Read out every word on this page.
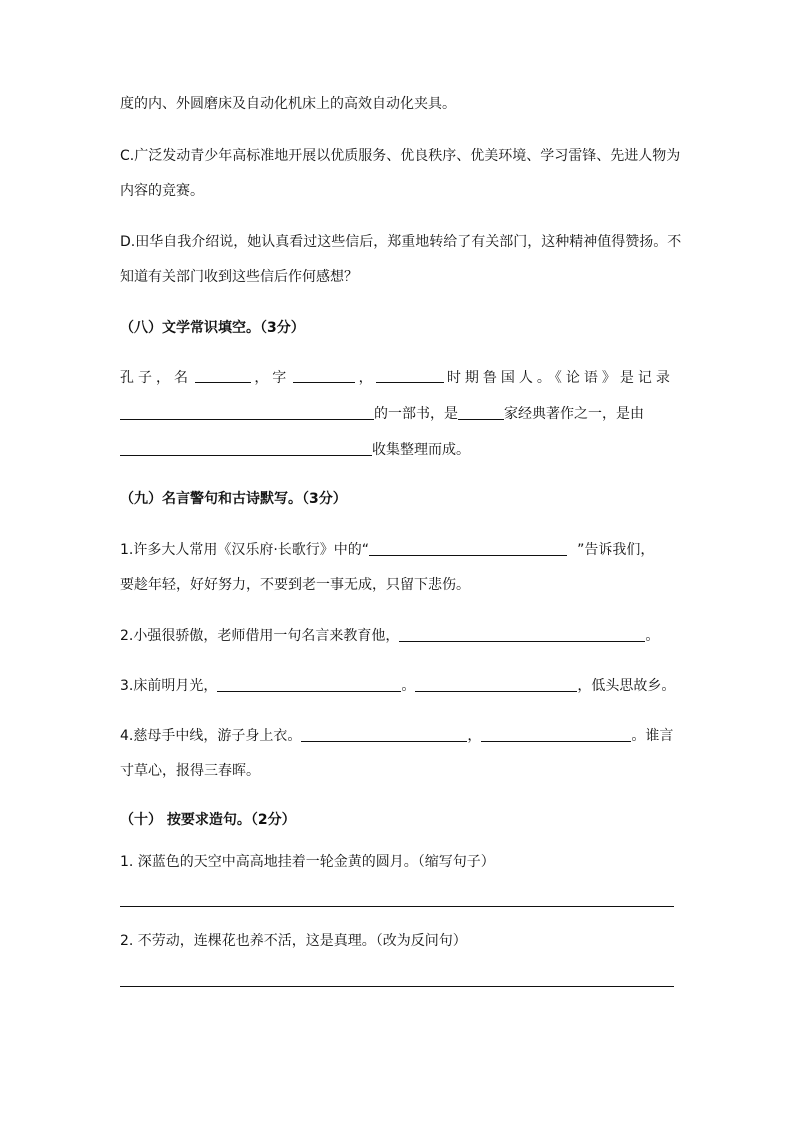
度的内、外圆磨床及自动化机床上的高效自动化夹具。
C.广泛发动青少年高标准地开展以优质服务、优良秩序、优美环境、学习雷锋、先进人物为
内容的竞赛。
D.田华自我介绍说，她认真看过这些信后，郑重地转给了有关部门，这种精神值得赞扬。不
知道有关部门收到这些信后作何感想？
（八）文学常识填空。（3分）
孔子，名	，字	，	时期鲁国人。《论语》是记录
的一部书，是	家经典著作之一，是由
收集整理而成。
（九）名言警句和古诗默写。（3分）
1.许多大人常用《汉乐府·长歌行》中的“	”告诉我们，
要趁年轻，好好努力，不要到老一事无成，只留下悲伤。
2.小强很骄傲，老师借用一句名言来教育他，	。
3.床前明月光，	。	，低头思故乡。
4.慈母手中线，游子身上衣。	，	。谁言
寸草心，报得三春晖。
（十） 按要求造句。（2分）
1. 深蓝色的天空中高高地挂着一轮金黄的圆月。（缩写句子）
2. 不劳动，连棵花也养不活，这是真理。（改为反问句）
